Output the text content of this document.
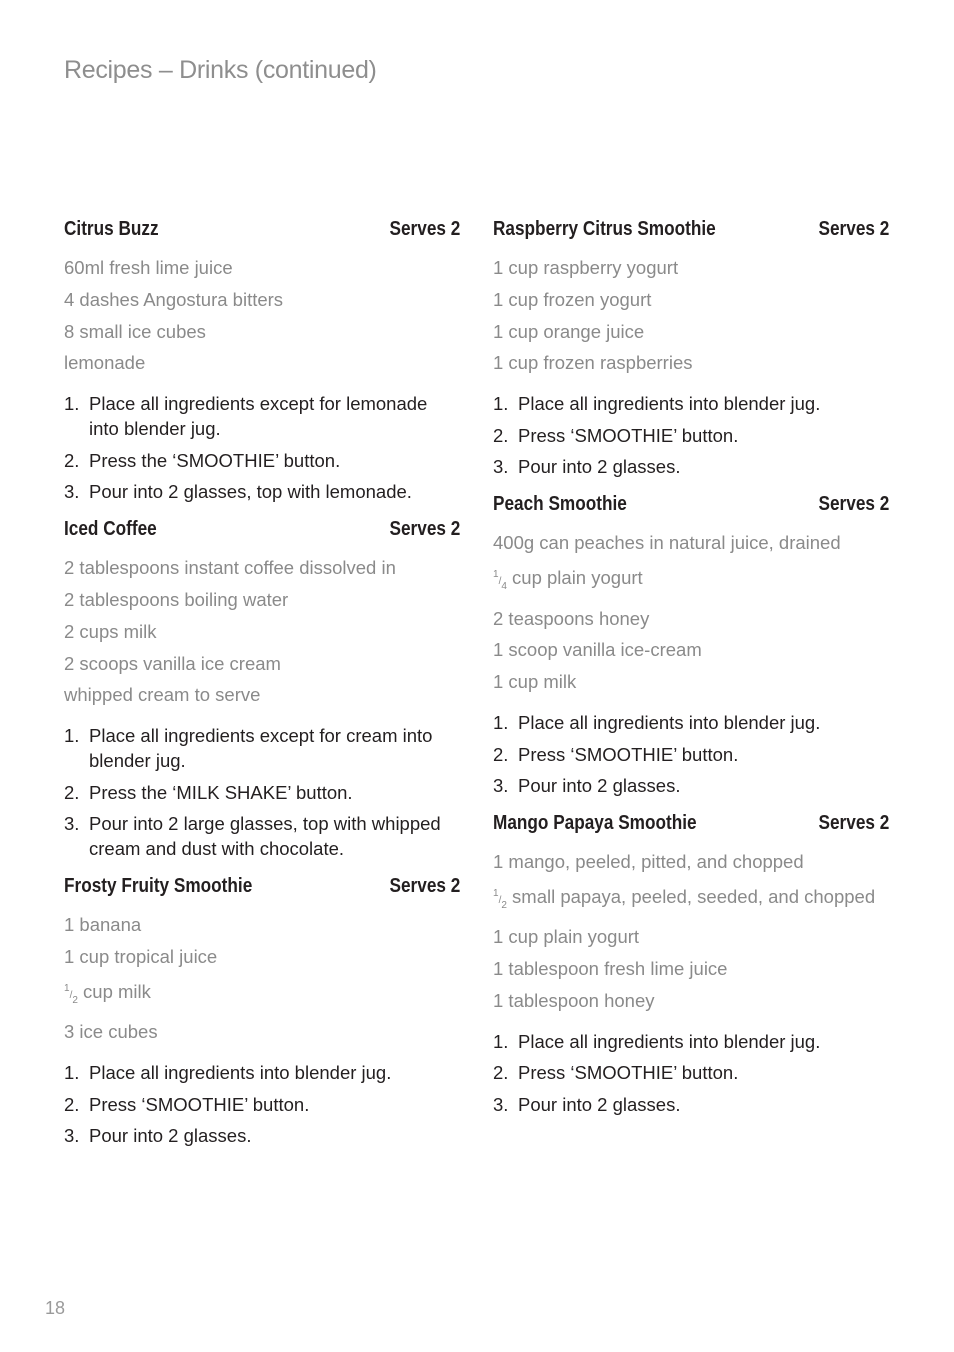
Recipes – Drinks (continued)
Citrus Buzz	Serves 2
60ml fresh lime juice
4 dashes Angostura bitters
8 small ice cubes
lemonade
1. Place all ingredients except for lemonade into blender jug.
2. Press the ‘SMOOTHIE’ button.
3. Pour into 2 glasses, top with lemonade.
Iced Coffee	Serves 2
2 tablespoons instant coffee dissolved in
2 tablespoons boiling water
2 cups milk
2 scoops vanilla ice cream
whipped cream to serve
1. Place all ingredients except for cream into blender jug.
2. Press the ‘MILK SHAKE’ button.
3. Pour into 2 large glasses, top with whipped cream and dust with chocolate.
Frosty Fruity Smoothie	Serves 2
1 banana
1 cup tropical juice
$^1/_2$ cup milk
3 ice cubes
1. Place all ingredients into blender jug.
2. Press ‘SMOOTHIE’ button.
3. Pour into 2 glasses.
Raspberry Citrus Smoothie	Serves 2
1 cup raspberry yogurt
1 cup frozen yogurt
1 cup orange juice
1 cup frozen raspberries
1. Place all ingredients into blender jug.
2. Press ‘SMOOTHIE’ button.
3. Pour into 2 glasses.
Peach Smoothie	Serves 2
400g can peaches in natural juice, drained
$^1/_4$ cup plain yogurt
2 teaspoons honey
1 scoop vanilla ice-cream
1 cup milk
1. Place all ingredients into blender jug.
2. Press ‘SMOOTHIE’ button.
3. Pour into 2 glasses.
Mango Papaya Smoothie	Serves 2
1 mango, peeled, pitted, and chopped
$^1/_2$ small papaya, peeled, seeded, and chopped
1 cup plain yogurt
1 tablespoon fresh lime juice
1 tablespoon honey
1. Place all ingredients into blender jug.
2. Press ‘SMOOTHIE’ button.
3. Pour into 2 glasses.
18
